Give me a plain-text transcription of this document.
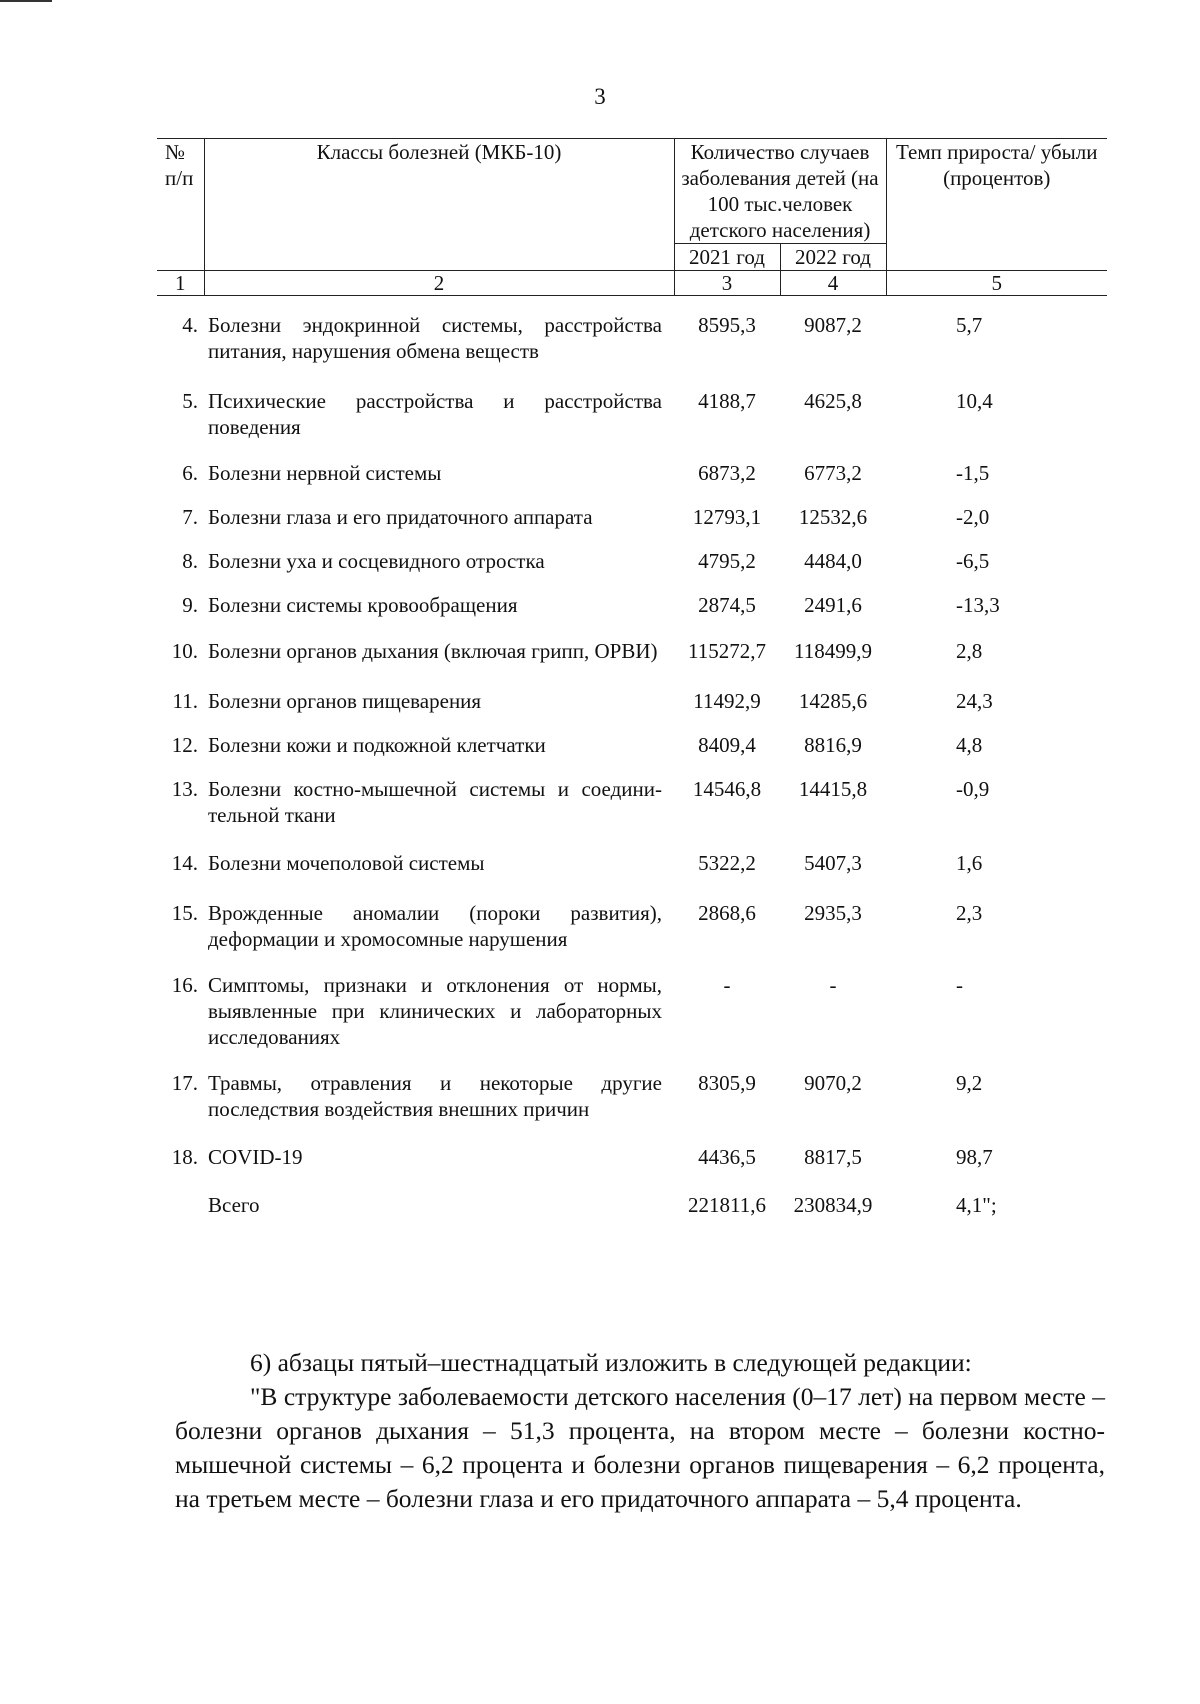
3
№ п/п	Классы болезней (МКБ-10)	Количество случаев заболевания детей (на 100 тыс.человек детского населения)		Темп прироста/ убыли (процентов)
		2021 год	2022 год	
1	2	3	4	5

4.	Болезни эндокринной системы, расстройства питания, нарушения обмена веществ	8595,3	9087,2	5,7

5.	Психические расстройства и расстройства поведения	4188,7	4625,8	10,4

6.	Болезни нервной системы	6873,2	6773,2	-1,5

7.	Болезни глаза и его придаточного аппарата	12793,1	12532,6	-2,0

8.	Болезни уха и сосцевидного отростка	4795,2	4484,0	-6,5

9.	Болезни системы кровообращения	2874,5	2491,6	-13,3

10.	Болезни органов дыхания (включая грипп, ОРВИ)	115272,7	118499,9	2,8

11.	Болезни органов пищеварения	11492,9	14285,6	24,3

12.	Болезни кожи и подкожной клетчатки	8409,4	8816,9	4,8

13.	Болезни костно-мышечной системы и соедини-тельной ткани	14546,8	14415,8	-0,9

14.	Болезни мочеполовой системы	5322,2	5407,3	1,6

15.	Врожденные аномалии (пороки развития), деформации и хромосомные нарушения	2868,6	2935,3	2,3

16.	Симптомы, признаки и отклонения от нормы, выявленные при клинических и лабораторных исследованиях	-	-	-

17.	Травмы, отравления и некоторые другие последствия воздействия внешних причин	8305,9	9070,2	9,2

18.	COVID-19	4436,5	8817,5	98,7

	Всего	221811,6	230834,9	4,1";

6) абзацы пятый–шестнадцатый изложить в следующей редакции:

"В структуре заболеваемости детского населения (0–17 лет) на первом месте – болезни органов дыхания – 51,3 процента, на втором месте – болезни костно-мышечной системы – 6,2 процента и болезни органов пищеварения – 6,2 процента, на третьем месте – болезни глаза и его придаточного аппарата – 5,4 процента.
